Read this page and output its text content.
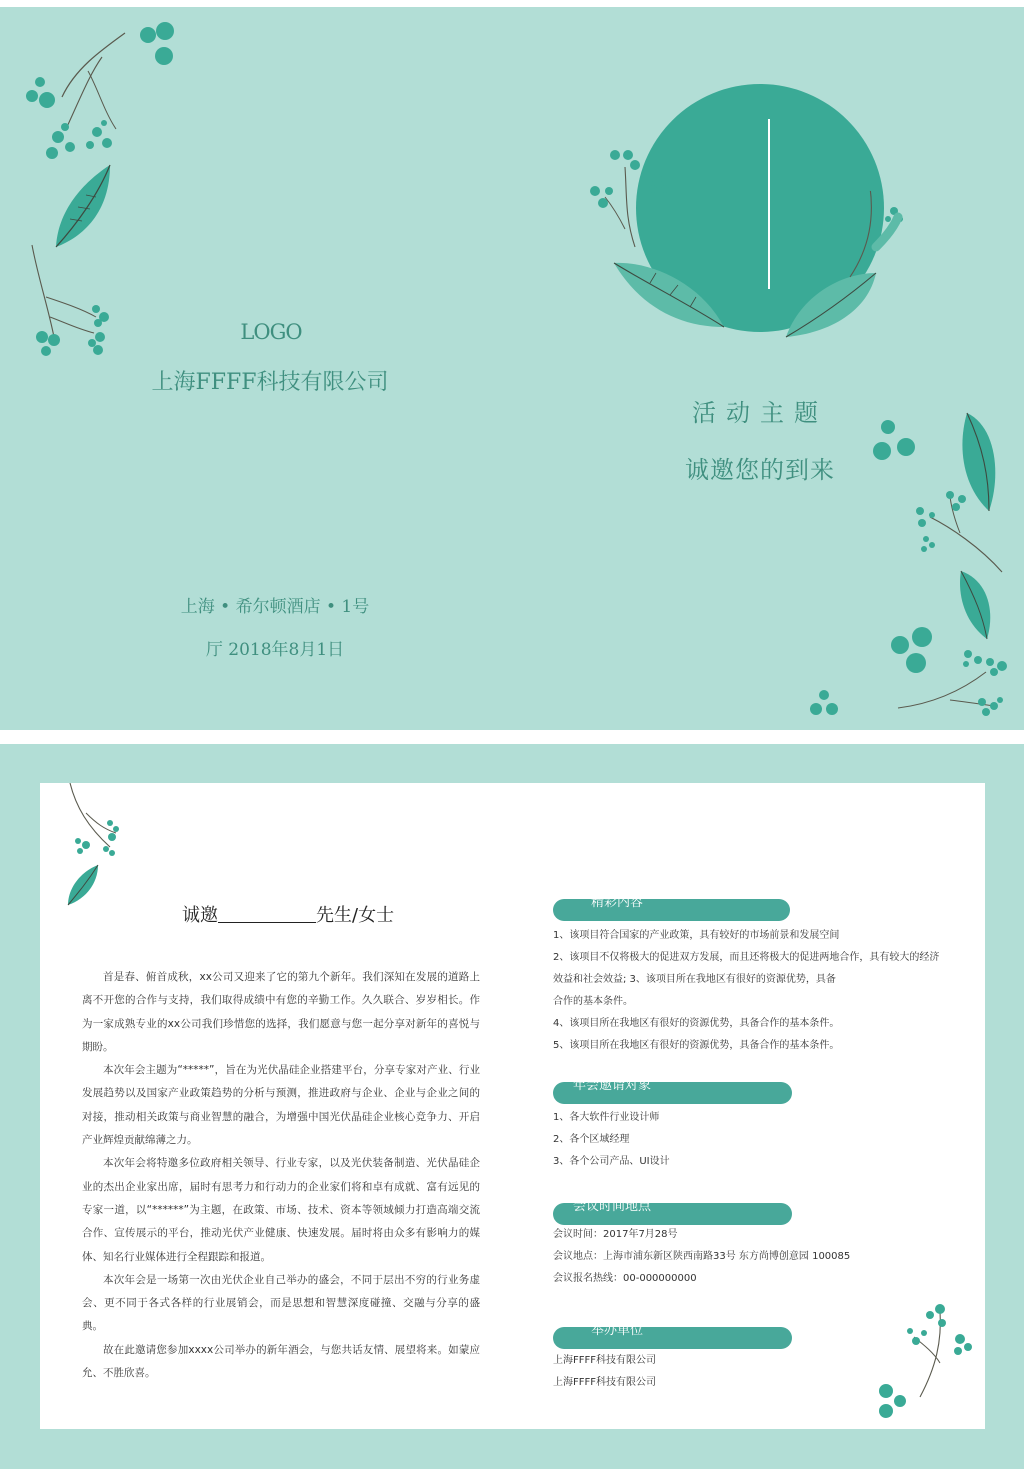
LOGO
上海FFFF科技有限公司
上海 • 希尔顿酒店 • 1号
厅 2018年8月1日
活动主题
诚邀您的到来
诚邀	先生/女士

首是春、俯首成秋，xx公司又迎来了它的第九个新年。我们深知在发展的道路上离不开您的合作与支持，我们取得成绩中有您的辛勤工作。久久联合、岁岁相长。作为一家成熟专业的xx公司我们珍惜您的选择，我们愿意与您一起分享对新年的喜悦与期盼。

本次年会主题为“*****”，旨在为光伏晶硅企业搭建平台，分享专家对产业、行业发展趋势以及国家产业政策趋势的分析与预测，推进政府与企业、企业与企业之间的对接，推动相关政策与商业智慧的融合，为增强中国光伏晶硅企业核心竞争力、开启产业辉煌贡献绵薄之力。

本次年会将特邀多位政府相关领导、行业专家，以及光伏装备制造、光伏晶硅企业的杰出企业家出席，届时有思考力和行动力的企业家们将和卓有成就、富有远见的专家一道，以“******”为主题，在政策、市场、技术、资本等领域倾力打造高端交流合作、宣传展示的平台，推动光伏产业健康、快速发展。届时将由众多有影响力的媒体、知名行业媒体进行全程跟踪和报道。

本次年会是一场第一次由光伏企业自己举办的盛会，不同于层出不穷的行业务虚会、更不同于各式各样的行业展销会，而是思想和智慧深度碰撞、交融与分享的盛典。

故在此邀请您参加xxxx公司举办的新年酒会，与您共话友情、展望将来。如蒙应允、不胜欣喜。

精彩内容
1、该项目符合国家的产业政策，具有较好的市场前景和发展空间
2、该项目不仅将极大的促进双方发展，而且还将极大的促进两地合作，具有较大的经济
效益和社会效益; 3、该项目所在我地区有很好的资源优势，具备
合作的基本条件。
4、该项目所在我地区有很好的资源优势，具备合作的基本条件。
5、该项目所在我地区有很好的资源优势，具备合作的基本条件。
年会邀请对象
1、各大软件行业设计师
2、各个区域经理
3、各个公司产品、UI设计
会议时间地点
会议时间：2017年7月28号
会议地点：上海市浦东新区陕西南路33号 东方尚博创意园 100085
会议报名热线：00-000000000
举办单位
上海FFFF科技有限公司
上海FFFF科技有限公司
